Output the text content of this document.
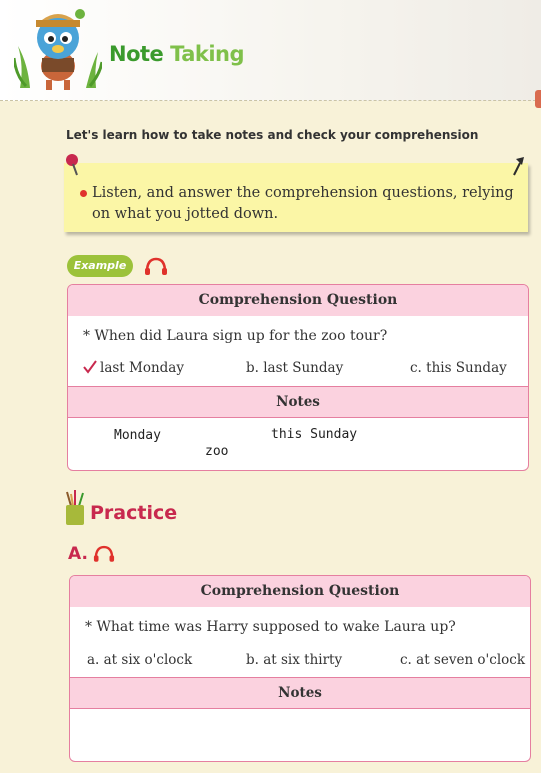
Note Taking
Let's learn how to take notes and check your comprehension
Listen, and answer the comprehension questions, relying on what you jotted down.
Example
Comprehension Question
* When did Laura sign up for the zoo tour?
last Monday	b. last Sunday	c. this Sunday
Notes
Monday	this Sunday
zoo
Practice
A.
Comprehension Question
* What time was Harry supposed to wake Laura up?
a. at six o'clock	b. at six thirty	c. at seven o'clock
Notes
